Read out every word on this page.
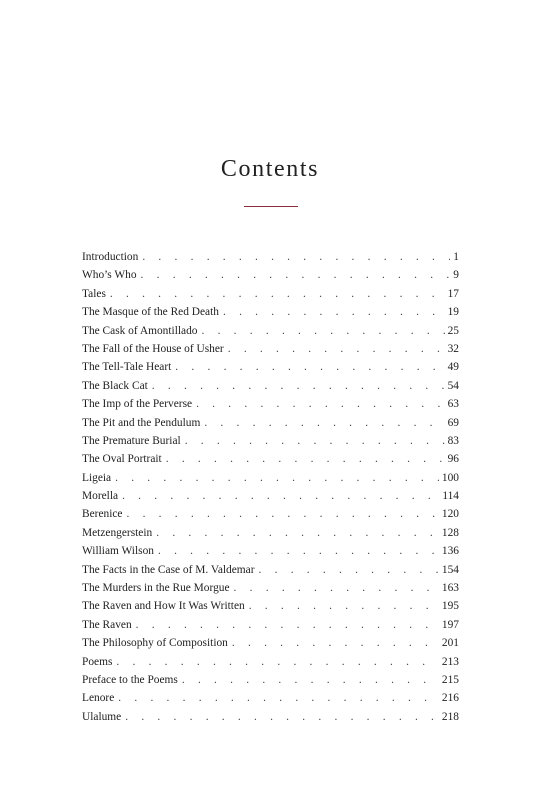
Contents
Introduction . . .	1
Who’s Who . . .	9
Tales . . .	17
The Masque of the Red Death . . .	19
The Cask of Amontillado . . .	25
The Fall of the House of Usher . . .	32
The Tell-Tale Heart . . .	49
The Black Cat . . .	54
The Imp of the Perverse . . .	63
The Pit and the Pendulum . . .	69
The Premature Burial . . .	83
The Oval Portrait . . .	96
Ligeia . . .	100
Morella . . .	114
Berenice . . .	120
Metzengerstein . . .	128
William Wilson . . .	136
The Facts in the Case of M. Valdemar . . .	154
The Murders in the Rue Morgue . . .	163
The Raven and How It Was Written . . .	195
The Raven . . .	197
The Philosophy of Composition . . .	201
Poems . . .	213
Preface to the Poems . . .	215
Lenore . . .	216
Ulalume . . .	218
